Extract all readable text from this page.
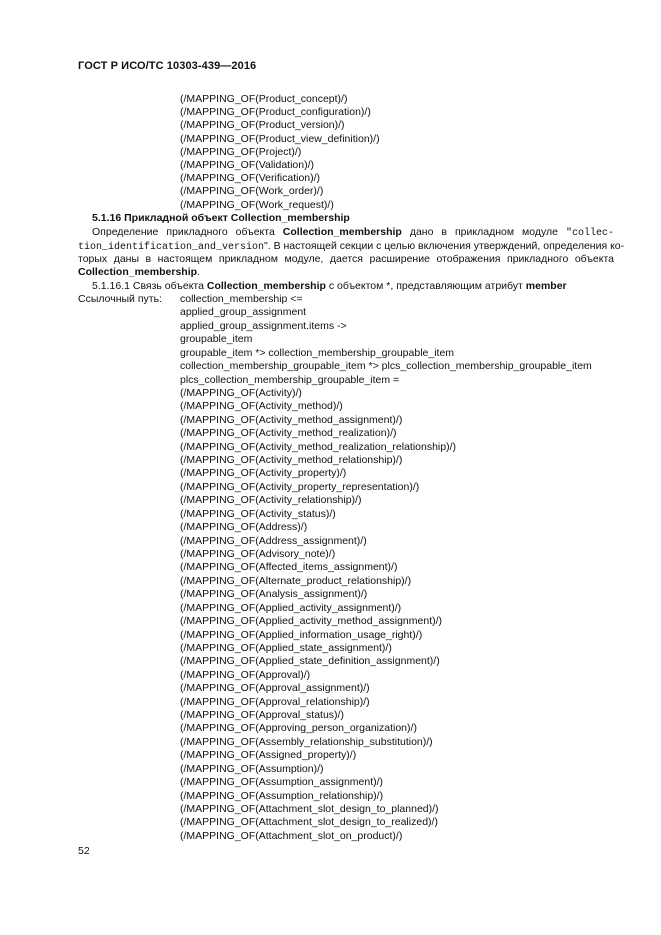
ГОСТ Р ИСО/ТС 10303-439—2016
(/MAPPING_OF(Product_concept)/)
(/MAPPING_OF(Product_configuration)/)
(/MAPPING_OF(Product_version)/)
(/MAPPING_OF(Product_view_definition)/)
(/MAPPING_OF(Project)/)
(/MAPPING_OF(Validation)/)
(/MAPPING_OF(Verification)/)
(/MAPPING_OF(Work_order)/)
(/MAPPING_OF(Work_request)/)
5.1.16 Прикладной объект Collection_membership
Определение прикладного объекта Collection_membership дано в прикладном модуле "collec-
tion_identification_and_version". В настоящей секции с целью включения утверждений, определения ко-
торых даны в настоящем прикладном модуле, дается расширение отображения прикладного объекта
Collection_membership.
5.1.16.1 Связь объекта Collection_membership с объектом *, представляющим атрибут member
Ссылочный путь: collection_membership <=
applied_group_assignment
applied_group_assignment.items ->
groupable_item
groupable_item *> collection_membership_groupable_item
collection_membership_groupable_item *> plcs_collection_membership_groupable_item
plcs_collection_membership_groupable_item =
(/MAPPING_OF(Activity)/)
(/MAPPING_OF(Activity_method)/)
(/MAPPING_OF(Activity_method_assignment)/)
(/MAPPING_OF(Activity_method_realization)/)
(/MAPPING_OF(Activity_method_realization_relationship)/)
(/MAPPING_OF(Activity_method_relationship)/)
(/MAPPING_OF(Activity_property)/)
(/MAPPING_OF(Activity_property_representation)/)
(/MAPPING_OF(Activity_relationship)/)
(/MAPPING_OF(Activity_status)/)
(/MAPPING_OF(Address)/)
(/MAPPING_OF(Address_assignment)/)
(/MAPPING_OF(Advisory_note)/)
(/MAPPING_OF(Affected_items_assignment)/)
(/MAPPING_OF(Alternate_product_relationship)/)
(/MAPPING_OF(Analysis_assignment)/)
(/MAPPING_OF(Applied_activity_assignment)/)
(/MAPPING_OF(Applied_activity_method_assignment)/)
(/MAPPING_OF(Applied_information_usage_right)/)
(/MAPPING_OF(Applied_state_assignment)/)
(/MAPPING_OF(Applied_state_definition_assignment)/)
(/MAPPING_OF(Approval)/)
(/MAPPING_OF(Approval_assignment)/)
(/MAPPING_OF(Approval_relationship)/)
(/MAPPING_OF(Approval_status)/)
(/MAPPING_OF(Approving_person_organization)/)
(/MAPPING_OF(Assembly_relationship_substitution)/)
(/MAPPING_OF(Assigned_property)/)
(/MAPPING_OF(Assumption)/)
(/MAPPING_OF(Assumption_assignment)/)
(/MAPPING_OF(Assumption_relationship)/)
(/MAPPING_OF(Attachment_slot_design_to_planned)/)
(/MAPPING_OF(Attachment_slot_design_to_realized)/)
(/MAPPING_OF(Attachment_slot_on_product)/)
52
